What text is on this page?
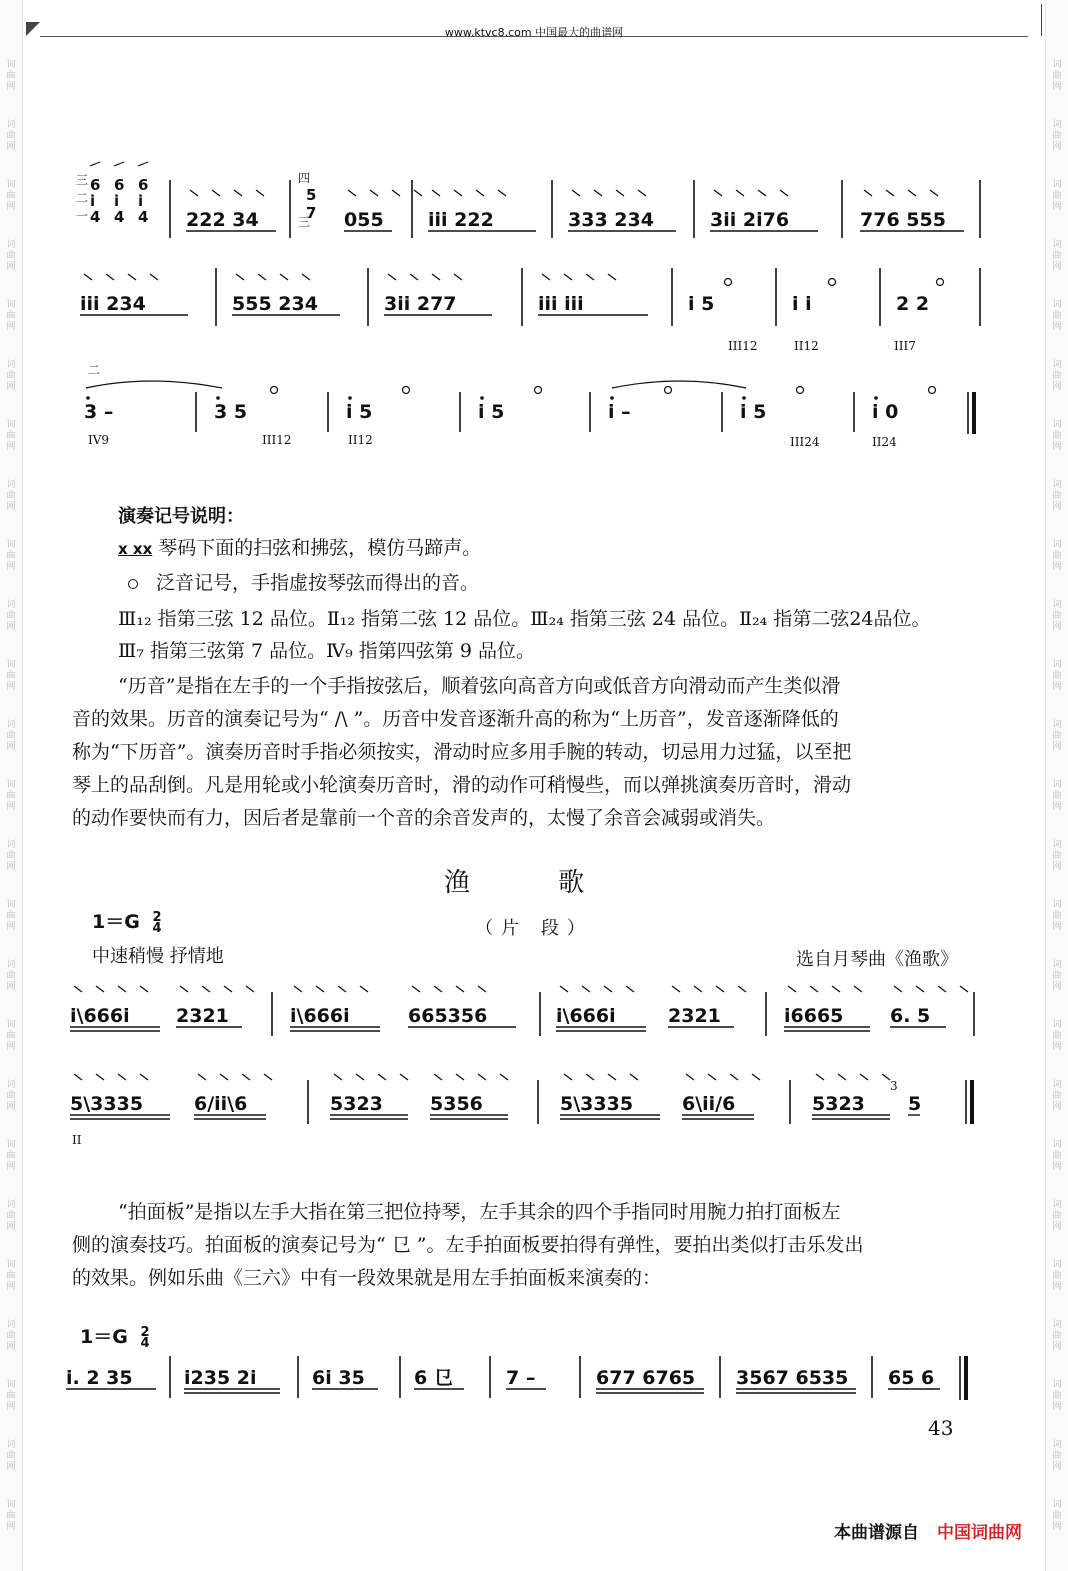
词
曲
网
词
曲
网
词
曲
网
词
曲
网
词
曲
网
词
曲
网
词
曲
网
词
曲
网
词
曲
网
词
曲
网
词
曲
网
词
曲
网
词
曲
网
词
曲
网
词
曲
网
词
曲
网
词
曲
网
词
曲
网
词
曲
网
词
曲
网
词
曲
网
词
曲
网
词
曲
网
词
曲
网
词
曲
网
词
曲
网
词
曲
网
词
曲
网
词
曲
网
词
曲
网
词
曲
网
词
曲
网
词
曲
网
词
曲
网
词
曲
网
词
曲
网
词
曲
网
词
曲
网
词
曲
网
词
曲
网
词
曲
网
词
曲
网
词
曲
网
词
曲
网
词
曲
网
词
曲
网
词
曲
网
词
曲
网
词
曲
网
词
曲
网
www.ktvc8.com 中国最大的曲谱网
三
二
一
6
i
4
6
i
4
6
i
4
四
三
5
7
222 34	055 iii 222	333 234	3ii 2i76	776 555
iii 234	555 234	3ii 277	iii iii	i 5	i i	2 2
III12	II12	III7
二
3 –	3 5	i 5	i 5	i –	i 5	i 0
IV9	III12	II12	III24	II24
i\666i 2321	i\666i	665356	i\666i	2321	i6665 6. 5
5\3335	6/ii\6	5323 5356	5\3335	6\ii/6	5323 5
II
3
i. 2 35	i235 2i	6i 35	6 㔾	7 –	677 6765 3567 6535 65 6
演奏记号说明：
x xx 琴码下面的扫弦和拂弦，模仿马蹄声。
泛音记号，手指虚按琴弦而得出的音。
Ⅲ₁₂ 指第三弦 12 品位。Ⅱ₁₂ 指第二弦 12 品位。Ⅲ₂₄ 指第三弦 24 品位。Ⅱ₂₄ 指第二弦24品位。
Ⅲ₇ 指第三弦第 7 品位。Ⅳ₉ 指第四弦第 9 品位。
“历音”是指在左手的一个手指按弦后，顺着弦向高音方向或低音方向滑动而产生类似滑
音的效果。历音的演奏记号为“ /\ ”。历音中发音逐渐升高的称为“上历音”，发音逐渐降低的
称为“下历音”。演奏历音时手指必须按实，滑动时应多用手腕的转动，切忌用力过猛，以至把
琴上的品刮倒。凡是用轮或小轮演奏历音时，滑的动作可稍慢些，而以弹挑演奏历音时，滑动
的动作要快而有力，因后者是靠前一个音的余音发声的，太慢了余音会减弱或消失。
渔 歌
（片 段）
1＝G 2
4
中速稍慢 抒情地	选自月琴曲《渔歌》
“拍面板”是指以左手大指在第三把位持琴，左手其余的四个手指同时用腕力拍打面板左
侧的演奏技巧。拍面板的演奏记号为“ 㔾 ”。左手拍面板要拍得有弹性，要拍出类似打击乐发出
的效果。例如乐曲《三六》中有一段效果就是用左手拍面板来演奏的：
1＝G 2
4
43
本曲谱源自 中国词曲网
